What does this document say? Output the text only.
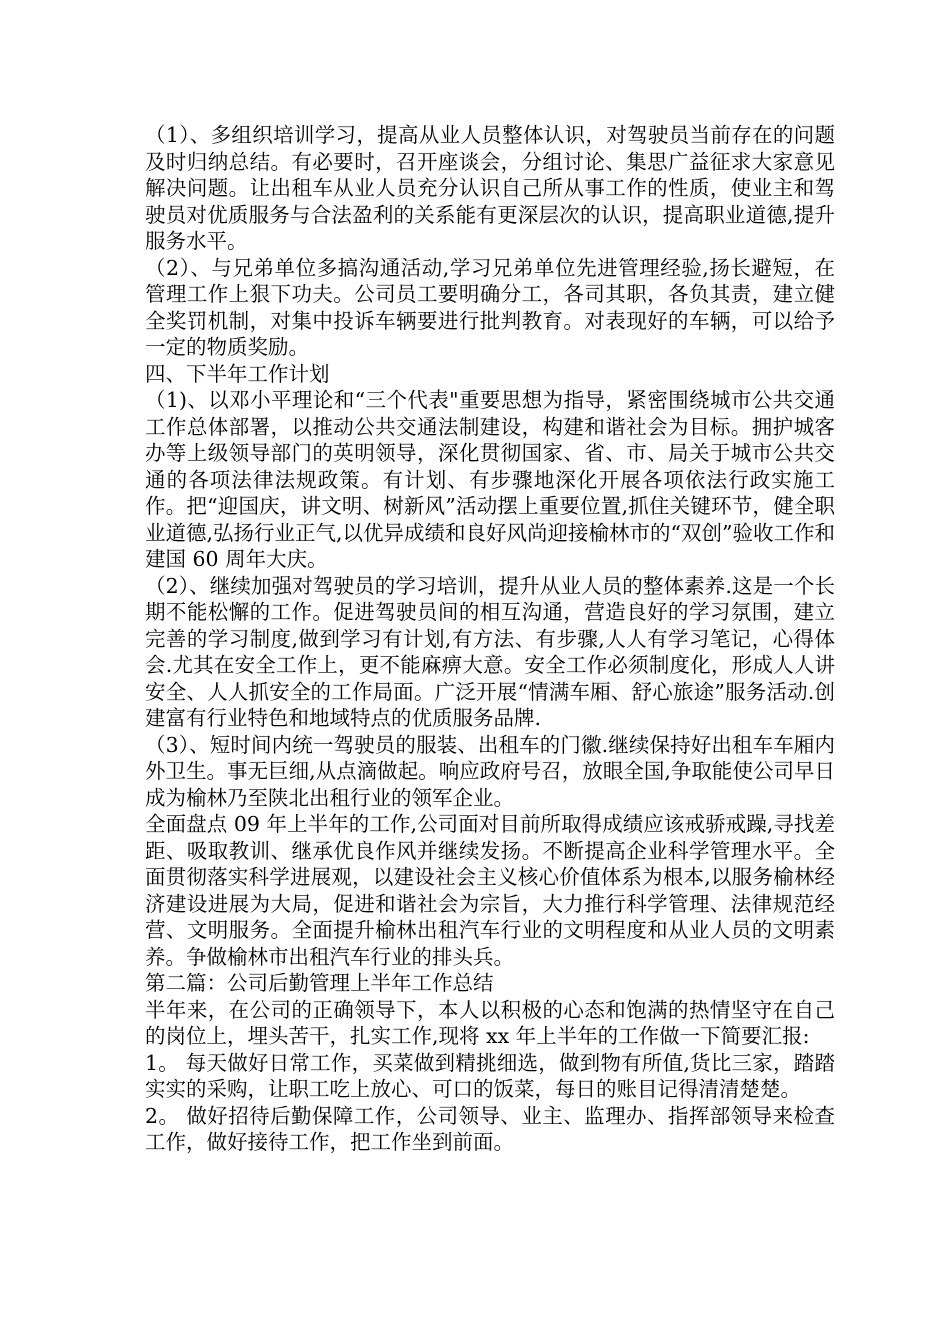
（1）、多组织培训学习，提高从业人员整体认识，对驾驶员当前存在的问题及时归纳总结。有必要时，召开座谈会，分组讨论、集思广益征求大家意见解决问题。让出租车从业人员充分认识自己所从事工作的性质，使业主和驾驶员对优质服务与合法盈利的关系能有更深层次的认识，提高职业道德,提升服务水平。

（2）、与兄弟单位多搞沟通活动,学习兄弟单位先进管理经验,扬长避短，在管理工作上狠下功夫。公司员工要明确分工，各司其职，各负其责，建立健全奖罚机制，对集中投诉车辆要进行批判教育。对表现好的车辆，可以给予一定的物质奖励。

四、下半年工作计划

（1)、以邓小平理论和“三个代表"重要思想为指导，紧密围绕城市公共交通工作总体部署，以推动公共交通法制建设，构建和谐社会为目标。拥护城客办等上级领导部门的英明领导，深化贯彻国家、省、市、局关于城市公共交通的各项法律法规政策。有计划、有步骤地深化开展各项依法行政实施工作。把“迎国庆，讲文明、树新风”活动摆上重要位置,抓住关键环节，健全职业道德,弘扬行业正气,以优异成绩和良好风尚迎接榆林市的“双创”验收工作和建国 60 周年大庆。

（2）、继续加强对驾驶员的学习培训，提升从业人员的整体素养.这是一个长期不能松懈的工作。促进驾驶员间的相互沟通，营造良好的学习氛围，建立完善的学习制度,做到学习有计划,有方法、有步骤,人人有学习笔记，心得体会.尤其在安全工作上，更不能麻痹大意。安全工作必须制度化，形成人人讲安全、人人抓安全的工作局面。广泛开展“情满车厢、舒心旅途”服务活动.创建富有行业特色和地域特点的优质服务品牌.

（3）、短时间内统一驾驶员的服装、出租车的门徽.继续保持好出租车车厢内外卫生。事无巨细,从点滴做起。响应政府号召，放眼全国,争取能使公司早日成为榆林乃至陕北出租行业的领军企业。

全面盘点 09 年上半年的工作,公司面对目前所取得成绩应该戒骄戒躁,寻找差距、吸取教训、继承优良作风并继续发扬。不断提高企业科学管理水平。全面贯彻落实科学进展观，以建设社会主义核心价值体系为根本,以服务榆林经济建设进展为大局，促进和谐社会为宗旨，大力推行科学管理、法律规范经营、文明服务。全面提升榆林出租汽车行业的文明程度和从业人员的文明素养。争做榆林市出租汽车行业的排头兵。

第二篇：公司后勤管理上半年工作总结

半年来，在公司的正确领导下，本人以积极的心态和饱满的热情坚守在自己的岗位上，埋头苦干，扎实工作,现将 xx 年上半年的工作做一下简要汇报:

1。 每天做好日常工作，买菜做到精挑细选，做到物有所值,货比三家，踏踏实实的采购，让职工吃上放心、可口的饭菜，每日的账目记得清清楚楚。

2。 做好招待后勤保障工作，公司领导、业主、监理办、指挥部领导来检查工作，做好接待工作，把工作坐到前面。
